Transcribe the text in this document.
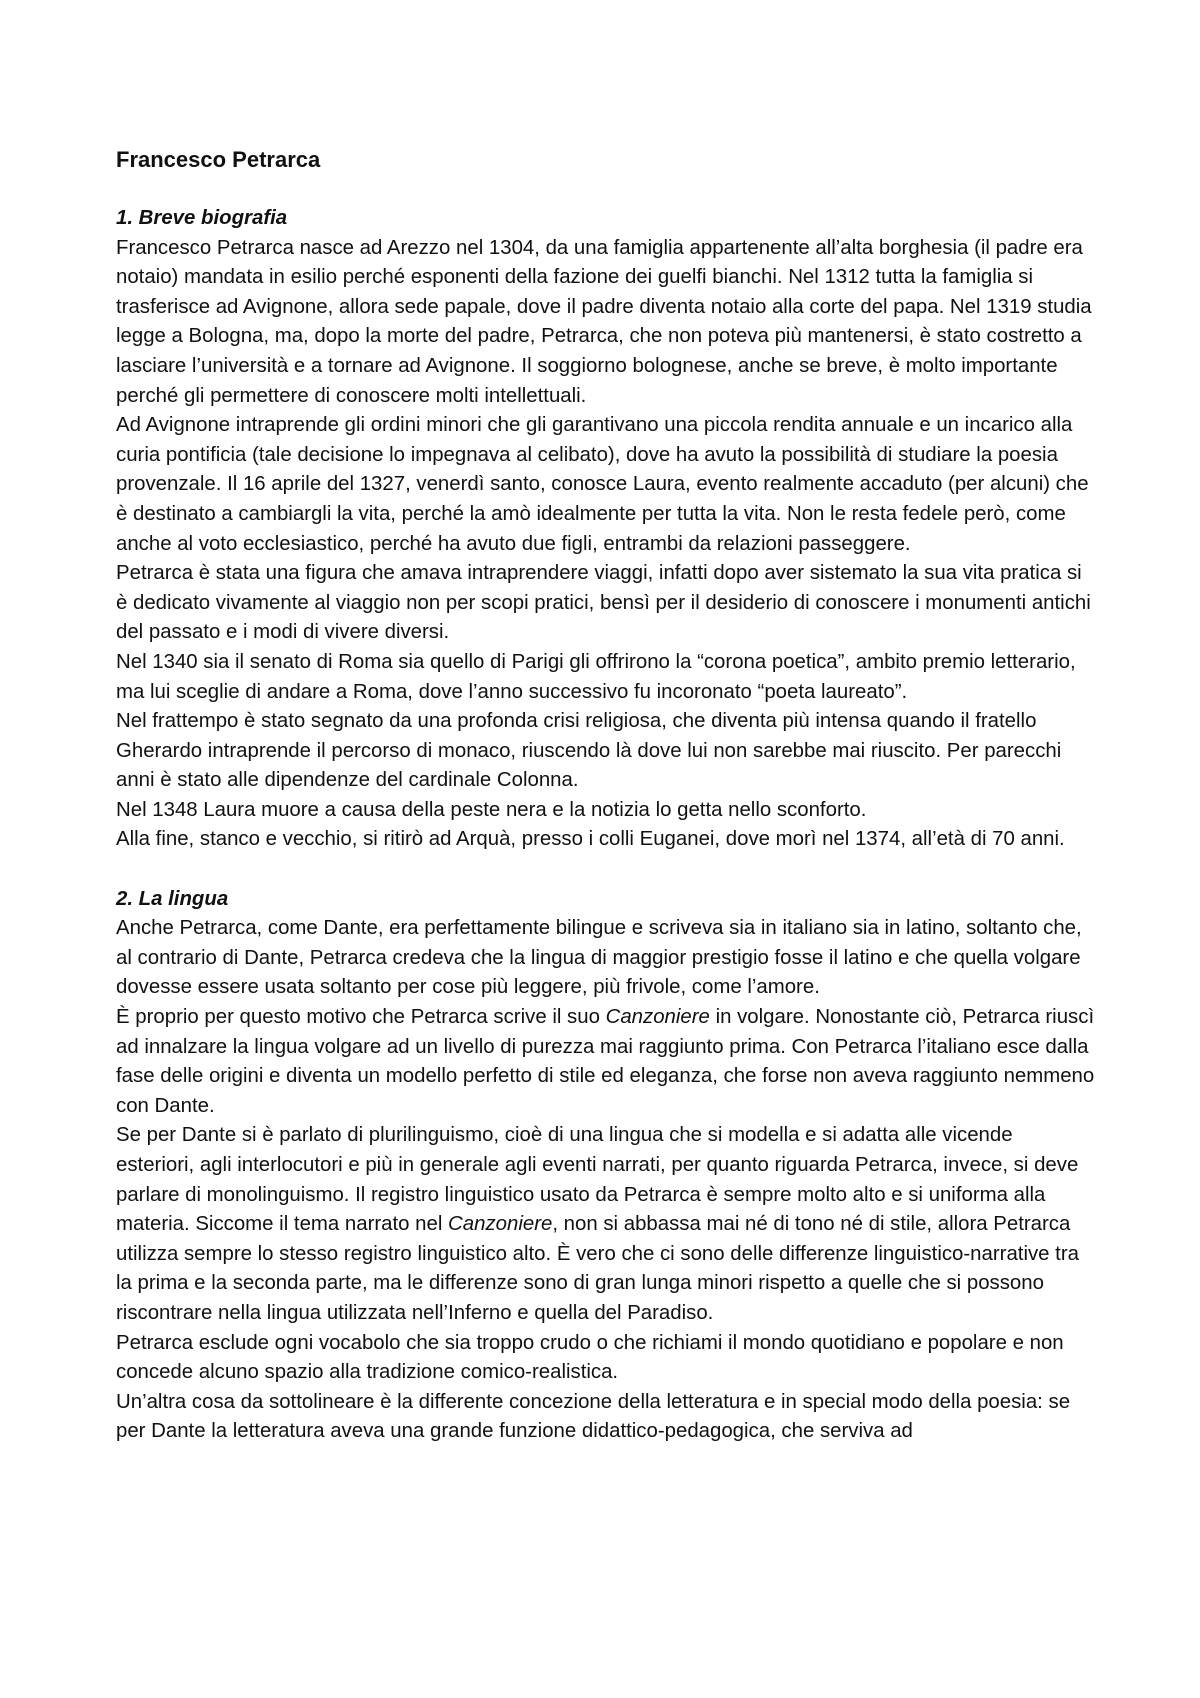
Francesco Petrarca
1. Breve biografia

Francesco Petrarca nasce ad Arezzo nel 1304, da una famiglia appartenente all’alta borghesia (il padre era notaio) mandata in esilio perché esponenti della fazione dei guelfi bianchi. Nel 1312 tutta la famiglia si trasferisce ad Avignone, allora sede papale, dove il padre diventa notaio alla corte del papa. Nel 1319 studia legge a Bologna, ma, dopo la morte del padre, Petrarca, che non poteva più mantenersi, è stato costretto a lasciare l’università e a tornare ad Avignone. Il soggiorno bolognese, anche se breve, è molto importante perché gli permettere di conoscere molti intellettuali.

Ad Avignone intraprende gli ordini minori che gli garantivano una piccola rendita annuale e un incarico alla curia pontificia (tale decisione lo impegnava al celibato), dove ha avuto la possibilità di studiare la poesia provenzale. Il 16 aprile del 1327, venerdì santo, conosce Laura, evento realmente accaduto (per alcuni) che è destinato a cambiargli la vita, perché la amò idealmente per tutta la vita. Non le resta fedele però, come anche al voto ecclesiastico, perché ha avuto due figli, entrambi da relazioni passeggere.

Petrarca è stata una figura che amava intraprendere viaggi, infatti dopo aver sistemato la sua vita pratica si è dedicato vivamente al viaggio non per scopi pratici, bensì per il desiderio di conoscere i monumenti antichi del passato e i modi di vivere diversi.

Nel 1340 sia il senato di Roma sia quello di Parigi gli offrirono la “corona poetica”, ambito premio letterario, ma lui sceglie di andare a Roma, dove l’anno successivo fu incoronato “poeta laureato”.

Nel frattempo è stato segnato da una profonda crisi religiosa, che diventa più intensa quando il fratello Gherardo intraprende il percorso di monaco, riuscendo là dove lui non sarebbe mai riuscito. Per parecchi anni è stato alle dipendenze del cardinale Colonna.

Nel 1348 Laura muore a causa della peste nera e la notizia lo getta nello sconforto.

Alla fine, stanco e vecchio, si ritirò ad Arquà, presso i colli Euganei, dove morì nel 1374, all’età di 70 anni.

2. La lingua

Anche Petrarca, come Dante, era perfettamente bilingue e scriveva sia in italiano sia in latino, soltanto che, al contrario di Dante, Petrarca credeva che la lingua di maggior prestigio fosse il latino e che quella volgare dovesse essere usata soltanto per cose più leggere, più frivole, come l’amore.

È proprio per questo motivo che Petrarca scrive il suo Canzoniere in volgare. Nonostante ciò, Petrarca riuscì ad innalzare la lingua volgare ad un livello di purezza mai raggiunto prima. Con Petrarca l’italiano esce dalla fase delle origini e diventa un modello perfetto di stile ed eleganza, che forse non aveva raggiunto nemmeno con Dante.

Se per Dante si è parlato di plurilinguismo, cioè di una lingua che si modella e si adatta alle vicende esteriori, agli interlocutori e più in generale agli eventi narrati, per quanto riguarda Petrarca, invece, si deve parlare di monolinguismo. Il registro linguistico usato da Petrarca è sempre molto alto e si uniforma alla materia. Siccome il tema narrato nel Canzoniere, non si abbassa mai né di tono né di stile, allora Petrarca utilizza sempre lo stesso registro linguistico alto. È vero che ci sono delle differenze linguistico-narrative tra la prima e la seconda parte, ma le differenze sono di gran lunga minori rispetto a quelle che si possono riscontrare nella lingua utilizzata nell’Inferno e quella del Paradiso.

Petrarca esclude ogni vocabolo che sia troppo crudo o che richiami il mondo quotidiano e popolare e non concede alcuno spazio alla tradizione comico-realistica.

Un’altra cosa da sottolineare è la differente concezione della letteratura e in special modo della poesia: se per Dante la letteratura aveva una grande funzione didattico-pedagogica, che serviva ad
